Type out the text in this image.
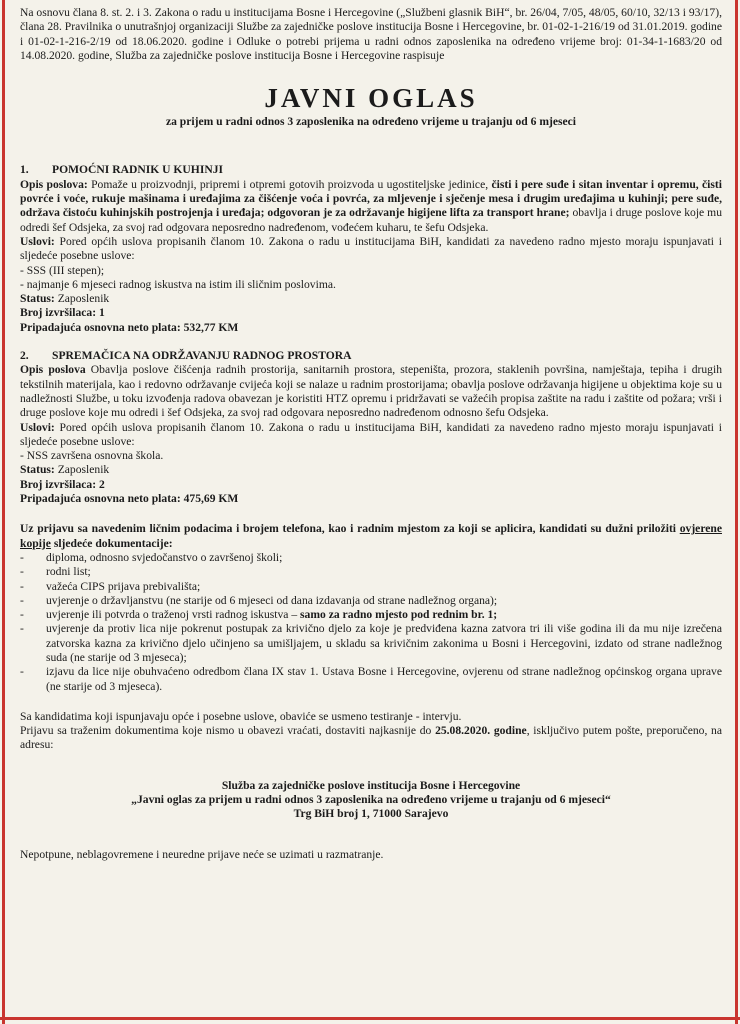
Na osnovu člana 8. st. 2. i 3. Zakona o radu u institucijama Bosne i Hercegovine („Službeni glasnik BiH“, br. 26/04, 7/05, 48/05, 60/10, 32/13 i 93/17), člana 28. Pravilnika o unutrašnjoj organizaciji Službe za zajedničke poslove institucija Bosne i Hercegovine, br. 01-02-1-216/19 od 31.01.2019. godine i 01-02-1-216-2/19 od 18.06.2020. godine i Odluke o potrebi prijema u radni odnos zaposlenika na određeno vrijeme broj: 01-34-1-1683/20 od 14.08.2020. godine, Služba za zajedničke poslove institucija Bosne i Hercegovine raspisuje

JAVNI OGLAS
za prijem u radni odnos 3 zaposlenika na određeno vrijeme u trajanju od 6 mjeseci
1. POMOĆNI RADNIK U KUHINJI

Opis poslova: Pomaže u proizvodnji, pripremi i otpremi gotovih proizvoda u ugostiteljske jedinice, čisti i pere suđe i sitan inventar i opremu, čisti povrće i voće, rukuje mašinama i uređajima za čišćenje voća i povrća, za mljevenje i sječenje mesa i drugim uređajima u kuhinji; pere suđe, održava čistoću kuhinjskih postrojenja i uređaja; odgovoran je za održavanje higijene lifta za transport hrane; obavlja i druge poslove koje mu odredi šef Odsjeka, za svoj rad odgovara neposredno nadređenom, vođećem kuharu, te šefu Odsjeka.

Uslovi: Pored općih uslova propisanih članom 10. Zakona o radu u institucijama BiH, kandidati za navedeno radno mjesto moraju ispunjavati i sljedeće posebne uslove:

- SSS (III stepen);

- najmanje 6 mjeseci radnog iskustva na istim ili sličnim poslovima.

Status: Zaposlenik

Broj izvršilaca: 1

Pripadajuća osnovna neto plata: 532,77 KM

2. SPREMAČICA NA ODRŽAVANJU RADNOG PROSTORA

Opis poslova Obavlja poslove čišćenja radnih prostorija, sanitarnih prostora, stepeništa, prozora, staklenih površina, namještaja, tepiha i drugih tekstilnih materijala, kao i redovno održavanje cvijeća koji se nalaze u radnim prostorijama; obavlja poslove održavanja higijene u objektima koje su u nadležnosti Službe, u toku izvođenja radova obavezan je koristiti HTZ opremu i pridržavati se važećih propisa zaštite na radu i zaštite od požara; vrši i druge poslove koje mu odredi i šef Odsjeka, za svoj rad odgovara neposredno nadređenom odnosno šefu Odsjeka.

Uslovi: Pored općih uslova propisanih članom 10. Zakona o radu u institucijama BiH, kandidati za navedeno radno mjesto moraju ispunjavati i sljedeće posebne uslove:

- NSS završena osnovna škola.

Status: Zaposlenik

Broj izvršilaca: 2

Pripadajuća osnovna neto plata: 475,69 KM

Uz prijavu sa navedenim ličnim podacima i brojem telefona, kao i radnim mjestom za koji se aplicira, kandidati su dužni priložiti ovjerene kopije sljedeće dokumentacije:

- diploma, odnosno svjedočanstvo o završenoj školi;
- rodni list;
- važeća CIPS prijava prebivališta;
- uvjerenje o državljanstvu (ne starije od 6 mjeseci od dana izdavanja od strane nadležnog organa);
- uvjerenje ili potvrda o traženoj vrsti radnog iskustva – samo za radno mjesto pod rednim br. 1;
- uvjerenje da protiv lica nije pokrenut postupak za krivično djelo za koje je predviđena kazna zatvora tri ili više godina ili da mu nije izrečena zatvorska kazna za krivično djelo učinjeno sa umišljajem, u skladu sa krivičnim zakonima u Bosni i Hercegovini, izdato od strane nadležnog suda (ne starije od 3 mjeseca);
- izjavu da lice nije obuhvaćeno odredbom člana IX stav 1. Ustava Bosne i Hercegovine, ovjerenu od strane nadležnog općinskog organa uprave (ne starije od 3 mjeseca).

Sa kandidatima koji ispunjavaju opće i posebne uslove, obaviće se usmeno testiranje - intervju.

Prijavu sa traženim dokumentima koje nismo u obavezi vraćati, dostaviti najkasnije do 25.08.2020. godine, isključivo putem pošte, preporučeno, na adresu:

Služba za zajedničke poslove institucija Bosne i Hercegovine
„Javni oglas za prijem u radni odnos 3 zaposlenika na određeno vrijeme u trajanju od 6 mjeseci“
Trg BiH broj 1, 71000 Sarajevo

Nepotpune, neblagovremene i neuredne prijave neće se uzimati u razmatranje.
